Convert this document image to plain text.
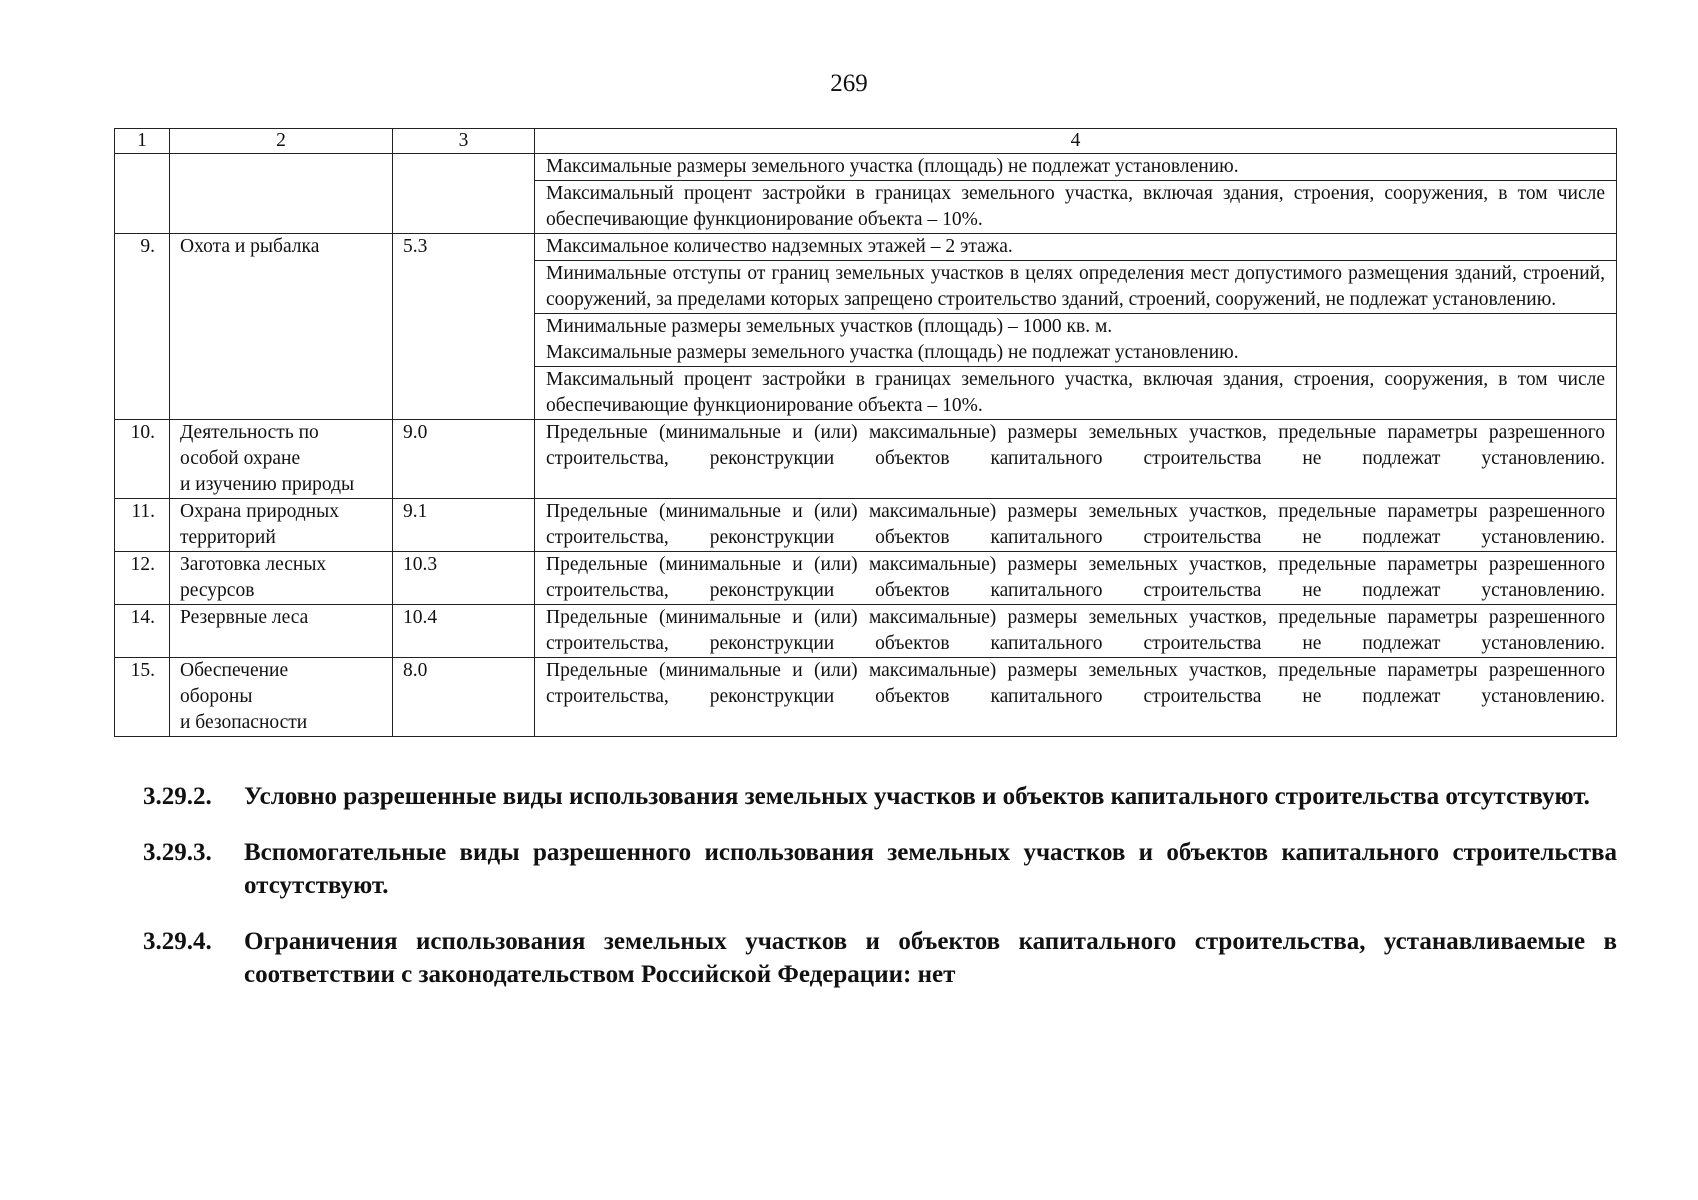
269
1	2	3	4
			Максимальные размеры земельного участка (площадь) не подлежат установлению.
			Максимальный процент застройки в границах земельного участка, включая здания, строения, сооружения, в том числе обеспечивающие функционирование объекта – 10%.
9.	Охота и рыбалка	5.3	Максимальное количество надземных этажей – 2 этажа.
			Минимальные отступы от границ земельных участков в целях определения мест допустимого размещения зданий, строений, сооружений, за пределами которых запрещено строительство зданий, строений, сооружений, не подлежат установлению.

			Минимальные размеры земельных участков (площадь) – 1000 кв. м.
Максимальные размеры земельного участка (площадь) не подлежат установлению.

			Максимальный процент застройки в границах земельного участка, включая здания, строения, сооружения, в том числе обеспечивающие функционирование объекта – 10%.
10.	Деятельность по
особой охране
и изучению природы	9.0	Предельные (минимальные и (или) максимальные) размеры земельных участков, предельные параметры разрешенного строительства, реконструкции объектов капитального строительства не подлежат установлению.
11.	Охрана природных
территорий	9.1	Предельные (минимальные и (или) максимальные) размеры земельных участков, предельные параметры разрешенного строительства, реконструкции объектов капитального строительства не подлежат установлению.
12.	Заготовка лесных
ресурсов	10.3	Предельные (минимальные и (или) максимальные) размеры земельных участков, предельные параметры разрешенного строительства, реконструкции объектов капитального строительства не подлежат установлению.
14.	Резервные леса	10.4	Предельные (минимальные и (или) максимальные) размеры земельных участков, предельные параметры разрешенного строительства, реконструкции объектов капитального строительства не подлежат установлению.
15.	Обеспечение
обороны
и безопасности	8.0	Предельные (минимальные и (или) максимальные) размеры земельных участков, предельные параметры разрешенного строительства, реконструкции объектов капитального строительства не подлежат установлению.
3.29.2.	Условно разрешенные виды использования земельных участков и объектов капитального строительства отсутствуют.
3.29.3.	Вспомогательные виды разрешенного использования земельных участков и объектов капитального строительства отсутствуют.
3.29.4.	Ограничения использования земельных участков и объектов капитального строительства, устанавливаемые в соответствии с законодательством Российской Федерации: нет
